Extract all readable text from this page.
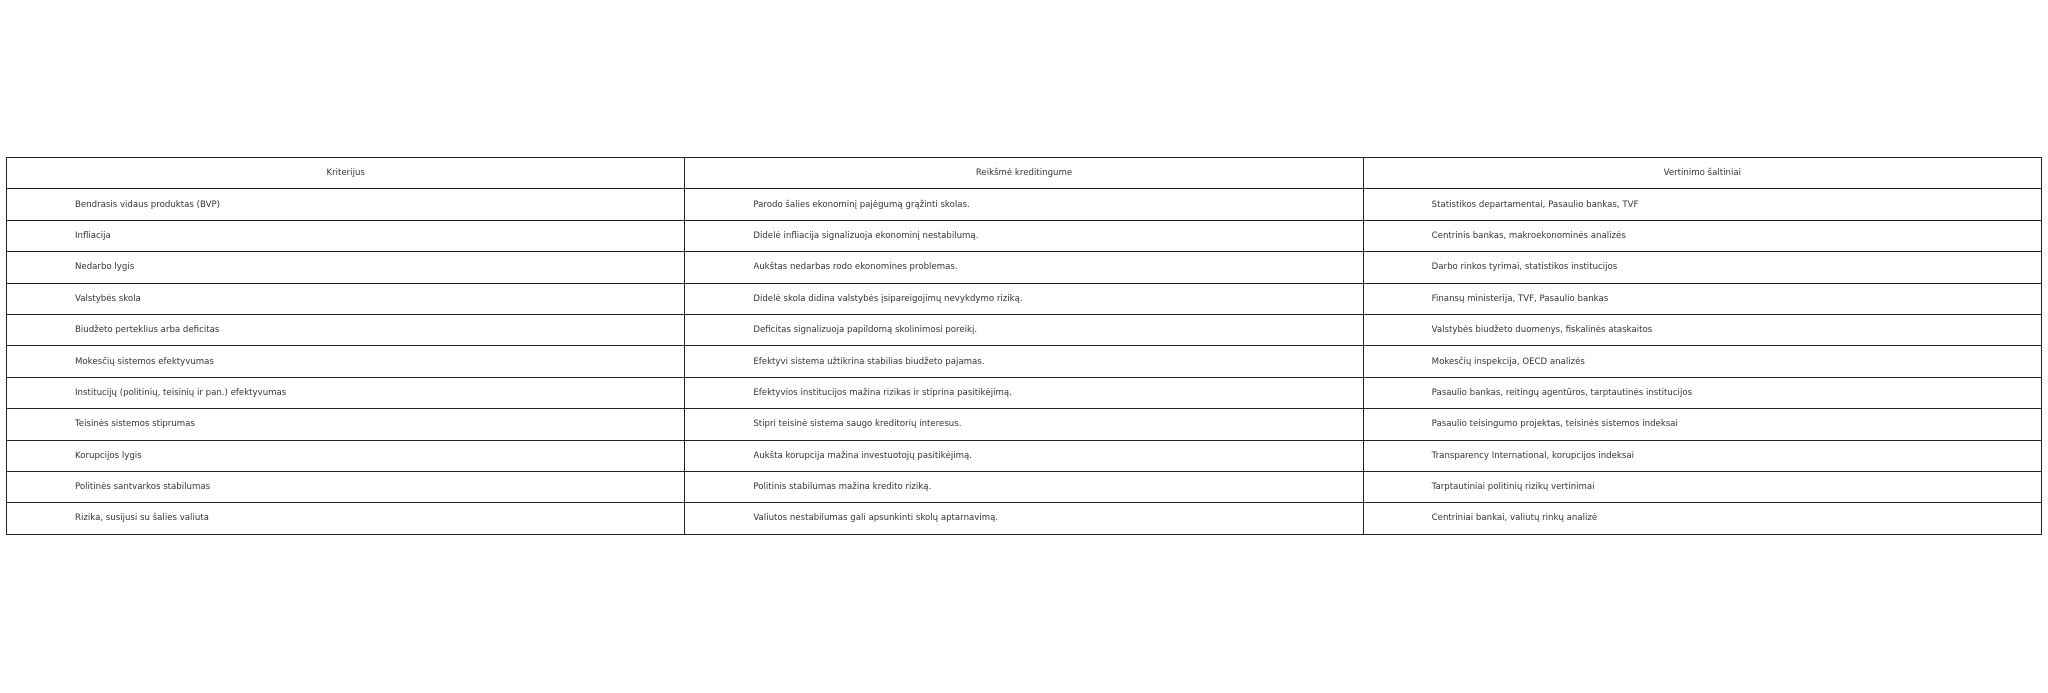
Kriterijus	Reikšmė kreditingume	Vertinimo šaltiniai
Bendrasis vidaus produktas (BVP)	Parodo šalies ekonominį pajėgumą grąžinti skolas.	Statistikos departamentai, Pasaulio bankas, TVF
Infliacija	Didelė infliacija signalizuoja ekonominį nestabilumą.	Centrinis bankas, makroekonominės analizės
Nedarbo lygis	Aukštas nedarbas rodo ekonomines problemas.	Darbo rinkos tyrimai, statistikos institucijos
Valstybės skola	Didelė skola didina valstybės įsipareigojimų nevykdymo riziką.	Finansų ministerija, TVF, Pasaulio bankas
Biudžeto perteklius arba deficitas	Deficitas signalizuoja papildomą skolinimosi poreikį.	Valstybės biudžeto duomenys, fiskalinės ataskaitos
Mokesčių sistemos efektyvumas	Efektyvi sistema užtikrina stabilias biudžeto pajamas.	Mokesčių inspekcija, OECD analizės
Institucijų (politinių, teisinių ir pan.) efektyvumas	Efektyvios institucijos mažina rizikas ir stiprina pasitikėjimą.	Pasaulio bankas, reitingų agentūros, tarptautinės institucijos
Teisinės sistemos stiprumas	Stipri teisinė sistema saugo kreditorių interesus.	Pasaulio teisingumo projektas, teisinės sistemos indeksai
Korupcijos lygis	Aukšta korupcija mažina investuotojų pasitikėjimą.	Transparency International, korupcijos indeksai
Politinės santvarkos stabilumas	Politinis stabilumas mažina kredito riziką.	Tarptautiniai politinių rizikų vertinimai
Rizika, susijusi su šalies valiuta	Valiutos nestabilumas gali apsunkinti skolų aptarnavimą.	Centriniai bankai, valiutų rinkų analizė
